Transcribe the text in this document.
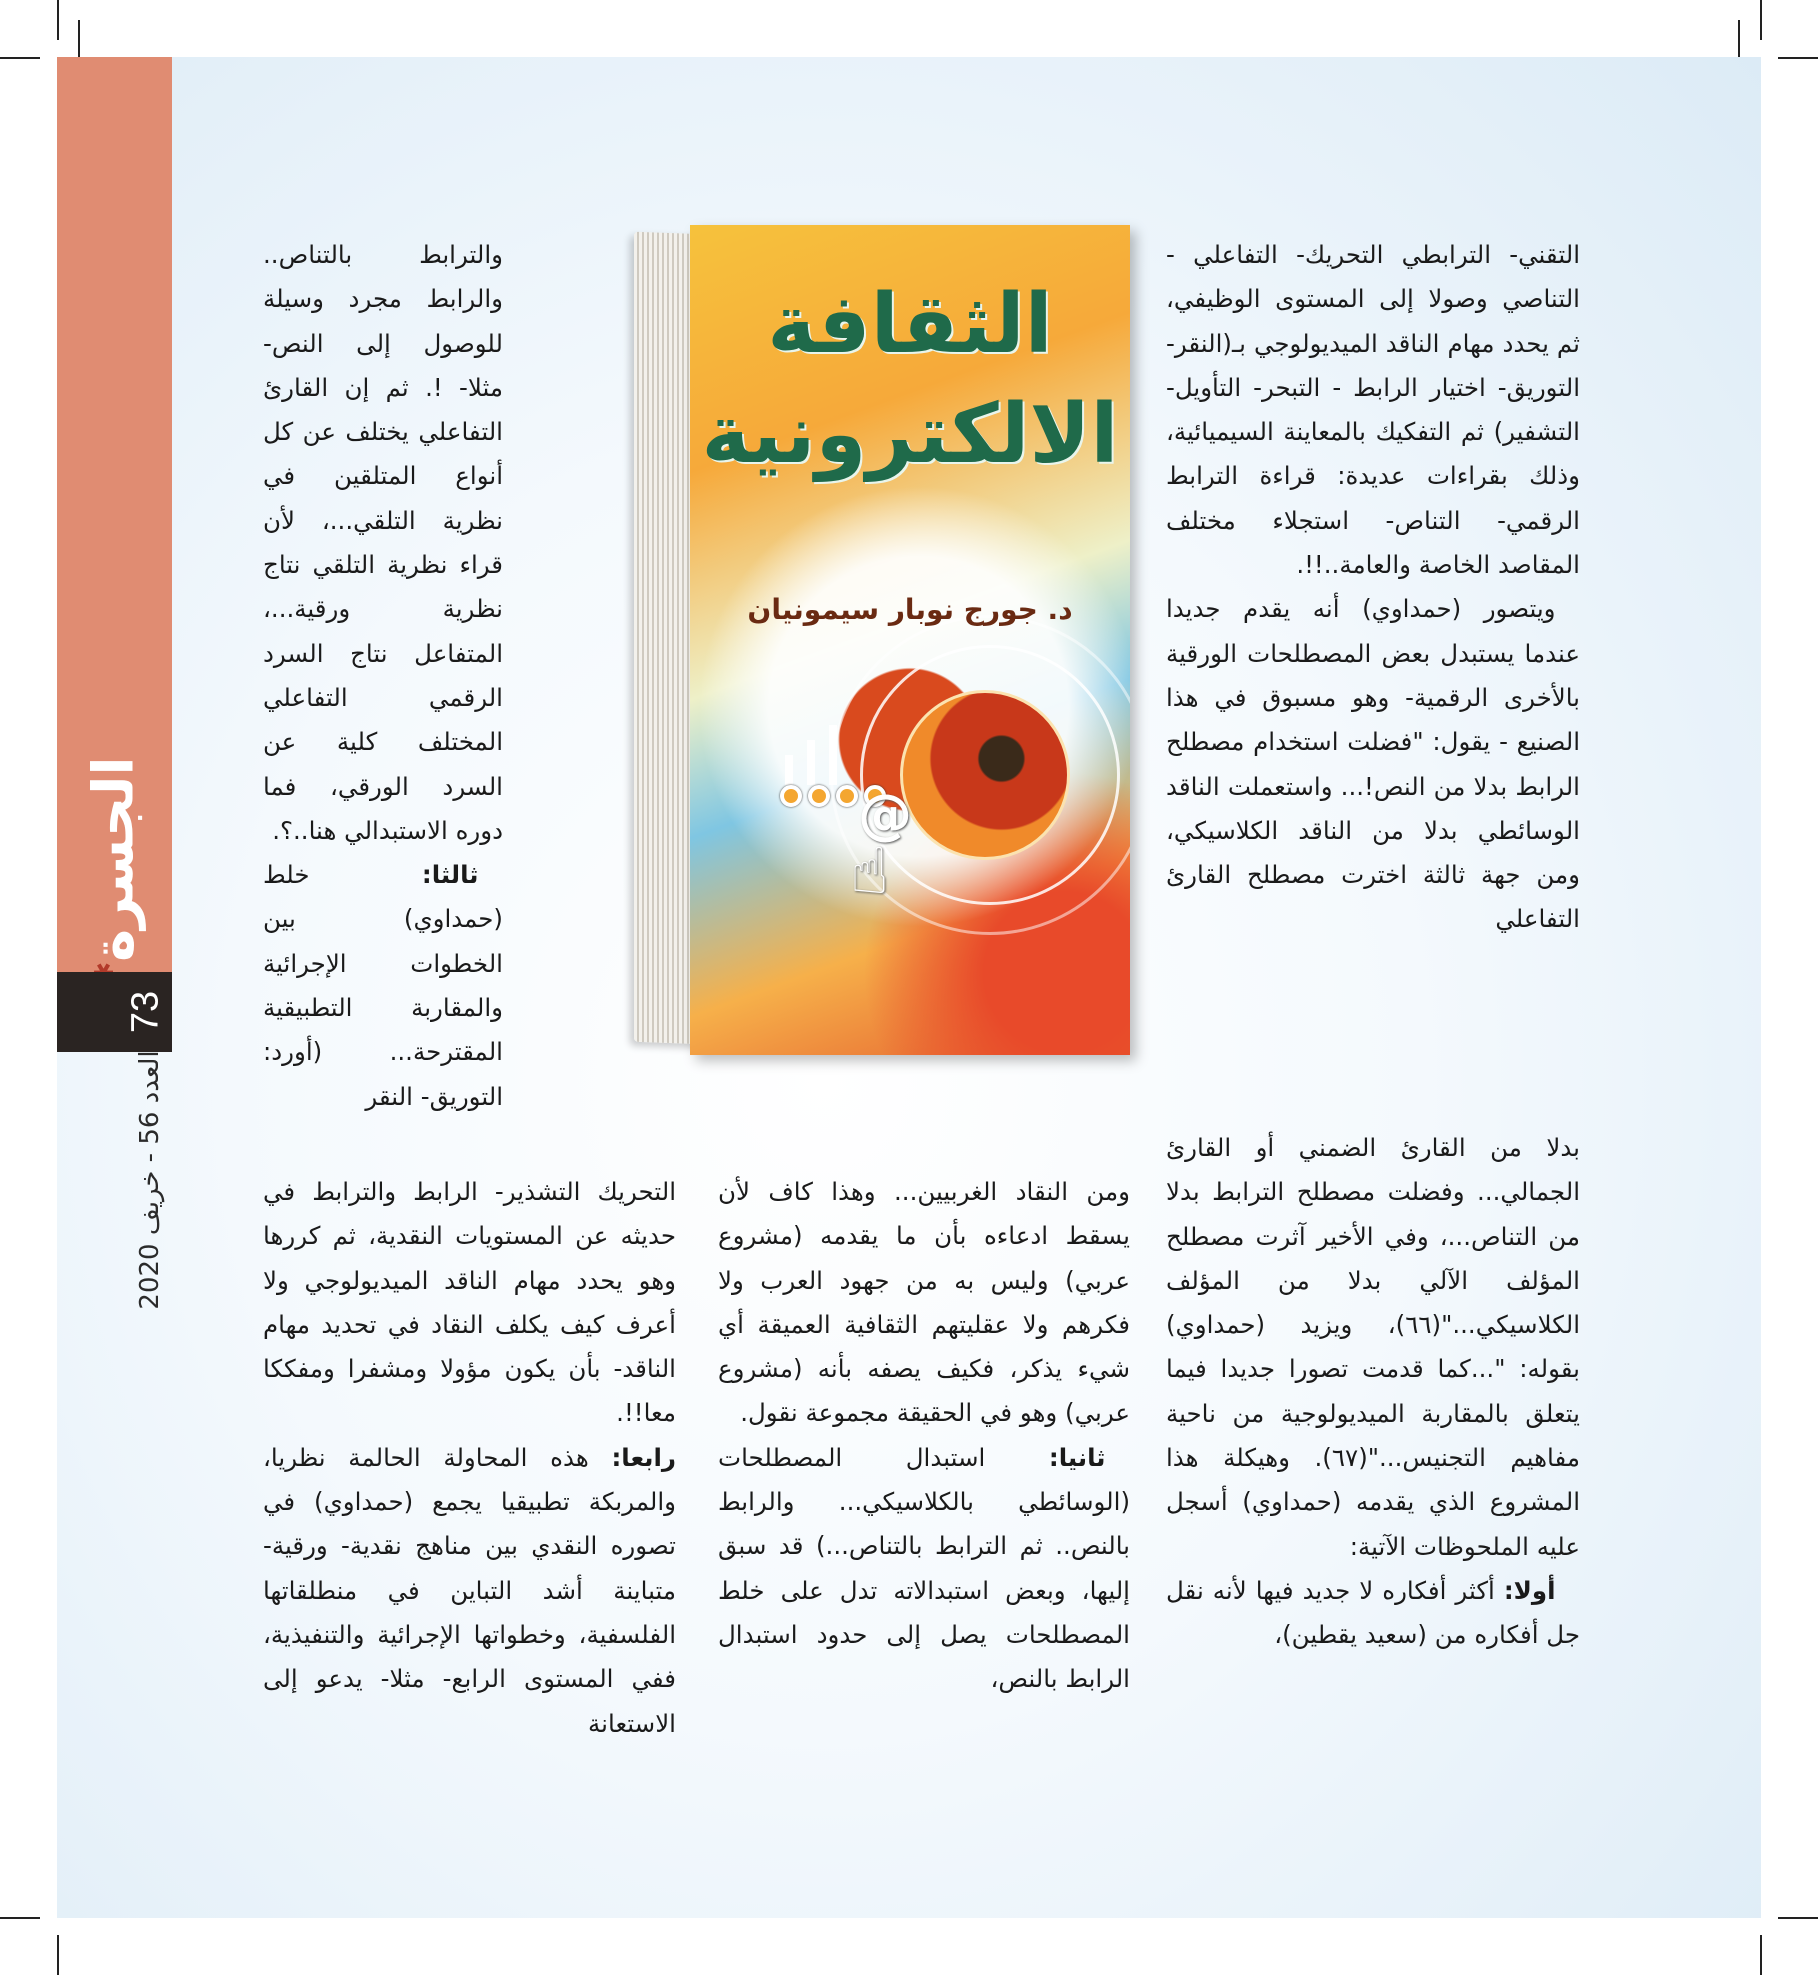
الجسرة
73
العدد 56 - خريف 2020
الثقافة
الالكترونية
د. جورج نوبار سيمونيان
@
☝

التقني- الترابطي التحريك- التفاعلي - التناصي وصولا إلى المستوى الوظيفي، ثم يحدد مهام الناقد الميديولوجي بـ(النقر- التوريق- اختيار الرابط - التبحر- التأويل- التشفير) ثم التفكيك بالمعاينة السيميائية، وذلك بقراءات عديدة: قراءة الترابط الرقمي- التناص- استجلاء مختلف المقاصد الخاصة والعامة..!!.

 ويتصور (حمداوي) أنه يقدم جديدا عندما يستبدل بعض المصطلحات الورقية بالأخرى الرقمية- وهو مسبوق في هذا الصنيع - يقول: "فضلت استخدام مصطلح الرابط بدلا من النص!... واستعملت الناقد الوسائطي بدلا من الناقد الكلاسيكي، ومن جهة ثالثة اخترت مصطلح القارئ التفاعلي

بدلا من القارئ الضمني أو القارئ الجمالي... وفضلت مصطلح الترابط بدلا من التناص...، وفي الأخير آثرت مصطلح المؤلف الآلي بدلا من المؤلف الكلاسيكي..."(٦٦)، ويزيد (حمداوي) بقوله: "...كما قدمت تصورا جديدا فيما يتعلق بالمقاربة الميديولوجية من ناحية مفاهيم التجنيس..."(٦٧). وهيكلة هذا المشروع الذي يقدمه (حمداوي) أسجل عليه الملحوظات الآتية:

 أولا: أكثر أفكاره لا جديد فيها لأنه نقل جل أفكاره من (سعيد يقطين)،

ومن النقاد الغربيين... وهذا كاف لأن يسقط ادعاءه بأن ما يقدمه (مشروع عربي) وليس به من جهود العرب ولا فكرهم ولا عقليتهم الثقافية العميقة أي شيء يذكر، فكيف يصفه بأنه (مشروع عربي) وهو في الحقيقة مجموعة نقول.

 ثانيا: استبدال المصطلحات (الوسائطي بالكلاسيكي... والرابط بالنص.. ثم الترابط بالتناص...) قد سبق إليها، وبعض استبدالاته تدل على خلط المصطلحات يصل إلى حدود استبدال الرابط بالنص،

التحريك التشذير- الرابط والترابط في حديثه عن المستويات النقدية، ثم كررها وهو يحدد مهام الناقد الميديولوجي ولا أعرف كيف يكلف النقاد في تحديد مهام الناقد- بأن يكون مؤولا ومشفرا ومفككا معا!!.

رابعا: هذه المحاولة الحالمة نظريا، والمربكة تطبيقيا يجمع (حمداوي) في تصوره النقدي بين مناهج نقدية- ورقية- متباينة أشد التباين في منطلقاتها الفلسفية، وخطواتها الإجرائية والتنفيذية، ففي المستوى الرابع- مثلا- يدعو إلى الاستعانة

والترابط بالتناص.. والرابط مجرد وسيلة للوصول إلى النص- مثلا- !. ثم إن القارئ التفاعلي يختلف عن كل أنواع المتلقين في نظرية التلقي...، لأن قراء نظرية التلقي نتاج نظرية ورقية...، المتفاعل نتاج السرد الرقمي التفاعلي المختلف كلية عن السرد الورقي، فما دوره الاستبدالي هنا..؟.

 ثالثا: خلط (حمداوي) بين الخطوات الإجرائية والمقاربة التطبيقية المقترحة... (أورد: التوريق- النقر
